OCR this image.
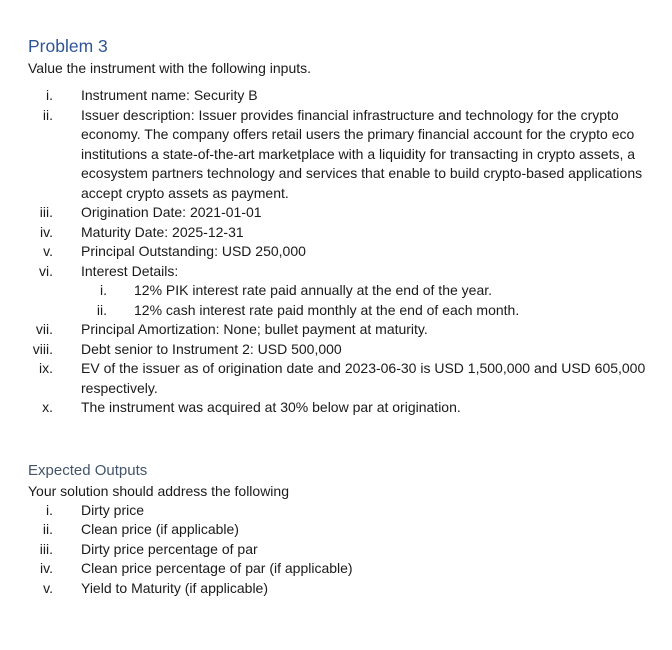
Problem 3

Value the instrument with the following inputs.

i. Instrument name: Security B
ii. Issuer description: Issuer provides financial infrastructure and technology for the crypto
economy. The company offers retail users the primary financial account for the crypto eco
institutions a state-of-the-art marketplace with a liquidity for transacting in crypto assets, a
ecosystem partners technology and services that enable to build crypto-based applications
accept crypto assets as payment.
iii. Origination Date: 2021-01-01
iv. Maturity Date: 2025-12-31
v. Principal Outstanding: USD 250,000
vi. Interest Details:
i. 12% PIK interest rate paid annually at the end of the year.
ii. 12% cash interest rate paid monthly at the end of each month.
vii. Principal Amortization: None; bullet payment at maturity.
viii. Debt senior to Instrument 2: USD 500,000
ix. EV of the issuer as of origination date and 2023-06-30 is USD 1,500,000 and USD 605,000
respectively.
x. The instrument was acquired at 30% below par at origination.
Expected Outputs

Your solution should address the following

i. Dirty price
ii. Clean price (if applicable)
iii. Dirty price percentage of par
iv. Clean price percentage of par (if applicable)
v. Yield to Maturity (if applicable)
